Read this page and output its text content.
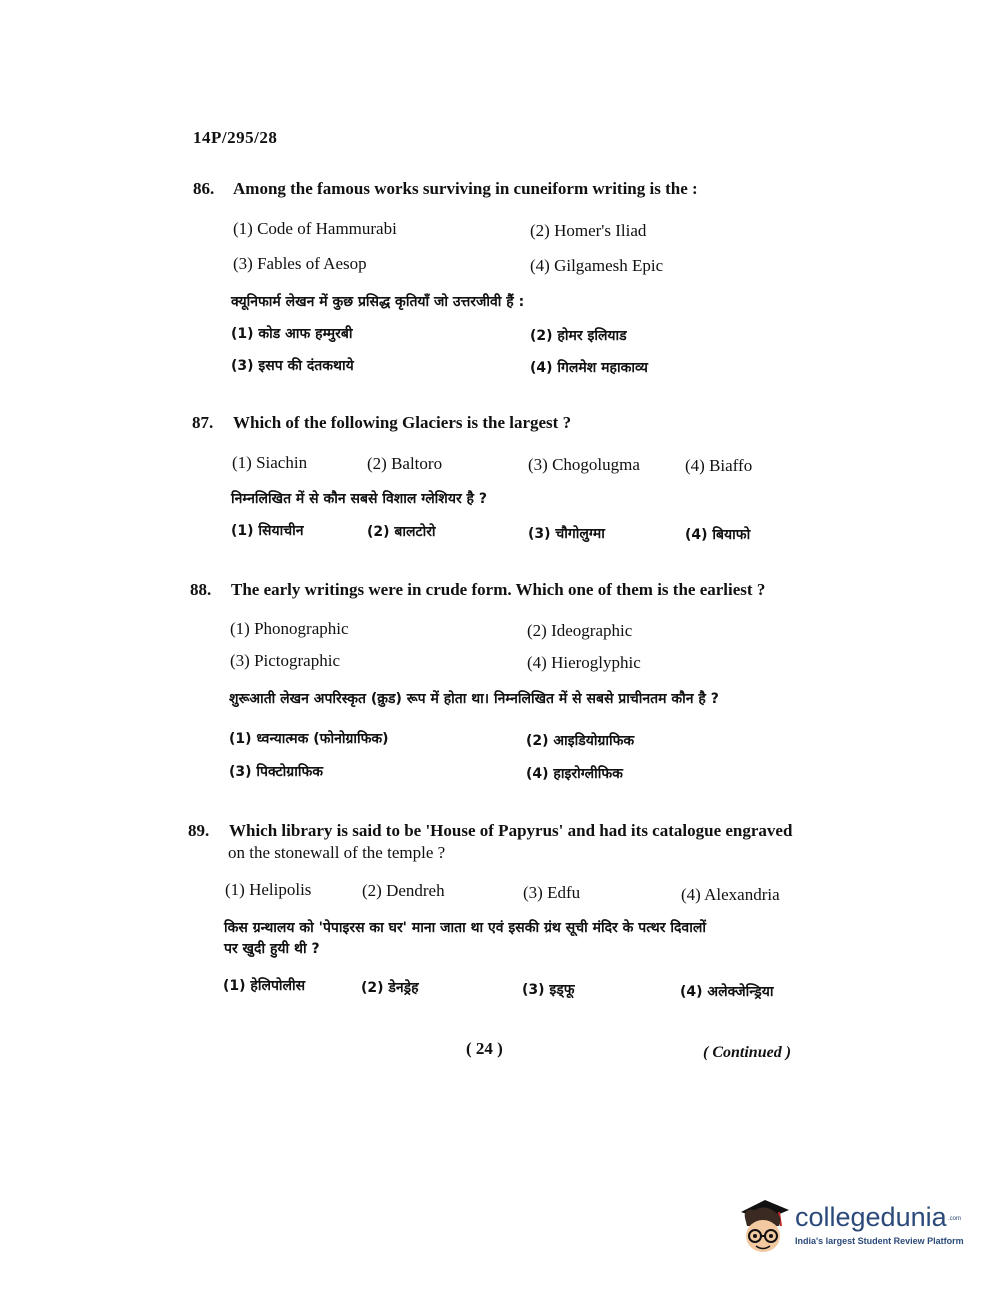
14P/295/28
86. Among the famous works surviving in cuneiform writing is the :
(1) Code of Hammurabi	(2) Homer's Iliad
(3) Fables of Aesop	(4) Gilgamesh Epic
क्यूनिफार्म लेखन में कुछ प्रसिद्ध कृतियाँ जो उत्तरजीवी हैं :
(1) कोड आफ हम्मुरबी	(2) होमर इलियाड
(3) इसप की दंतकथाये	(4) गिलमेश महाकाव्य
87. Which of the following Glaciers is the largest ?
(1) Siachin	(2) Baltoro	(3) Chogolugma	(4) Biaffo
निम्नलिखित में से कौन सबसे विशाल ग्लेशियर है ?
(1) सियाचीन	(2) बालटोरो	(3) चौगोलुग्मा	(4) बियाफो
88. The early writings were in crude form. Which one of them is the earliest ?
(1) Phonographic	(2) Ideographic
(3) Pictographic	(4) Hieroglyphic
शुरूआती लेखन अपरिस्कृत (क्रुड) रूप में होता था। निम्नलिखित में से सबसे प्राचीनतम कौन है ?
(1) ध्वन्यात्मक (फोनोग्राफिक)	(2) आइडियोग्राफिक
(3) पिक्टोग्राफिक	(4) हाइरोग्लीफिक
89. Which library is said to be 'House of Papyrus' and had its catalogue engraved
on the stonewall of the temple ?
(1) Helipolis	(2) Dendreh	(3) Edfu	(4) Alexandria
किस ग्रन्थालय को 'पेपाइरस का घर' माना जाता था एवं इसकी ग्रंथ सूची मंदिर के पत्थर दिवालों
पर खुदी हुयी थी ?
(1) हेलिपोलीस	(2) डेनड्रेह	(3) इड्फू	(4) अलेक्जेन्ड्रिया
( 24 )	( Continued )
collegedunia .com
India's largest Student Review Platform
